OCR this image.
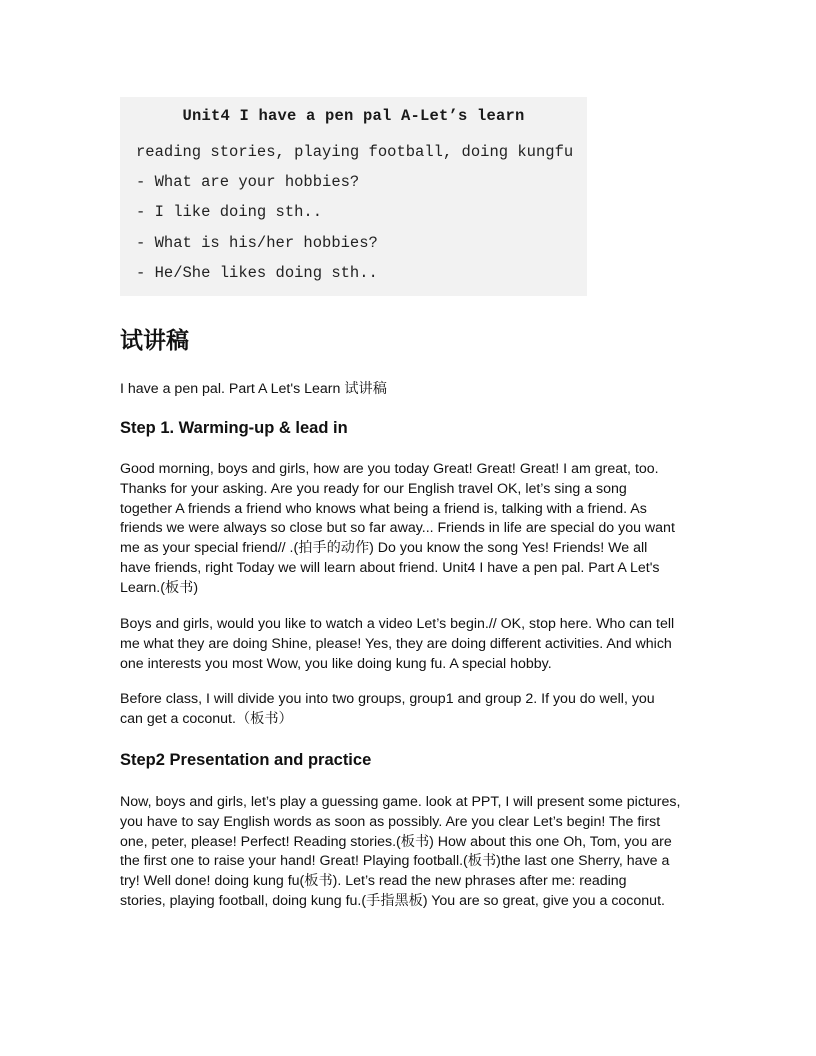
Unit4 I have a pen pal A-Let’s learn
reading stories, playing football, doing kungfu
- What are your hobbies?
- I like doing sth..
- What is his/her hobbies?
- He/She likes doing sth..
试讲稿
I have a pen pal. Part A Let's Learn 试讲稿
Step 1. Warming-up & lead in
Good morning, boys and girls, how are you today Great! Great! Great! I am great, too.
Thanks for your asking. Are you ready for our English travel OK, let’s sing a song
together A friends a friend who knows what being a friend is, talking with a friend. As
friends we were always so close but so far away... Friends in life are special do you want
me as your special friend// .(拍手的动作) Do you know the song Yes! Friends! We all
have friends, right Today we will learn about friend. Unit4 I have a pen pal. Part A Let's
Learn.(板书)
Boys and girls, would you like to watch a video Let’s begin.// OK, stop here. Who can tell
me what they are doing Shine, please! Yes, they are doing different activities. And which
one interests you most Wow, you like doing kung fu. A special hobby.
Before class, I will divide you into two groups, group1 and group 2. If you do well, you
can get a coconut.（板书）
Step2 Presentation and practice
Now, boys and girls, let’s play a guessing game. look at PPT, I will present some pictures,
you have to say English words as soon as possibly. Are you clear Let’s begin! The first
one, peter, please! Perfect! Reading stories.(板书) How about this one Oh, Tom, you are
the first one to raise your hand! Great! Playing football.(板书)the last one Sherry, have a
try! Well done! doing kung fu(板书). Let’s read the new phrases after me: reading
stories, playing football, doing kung fu.(手指黑板) You are so great, give you a coconut.
